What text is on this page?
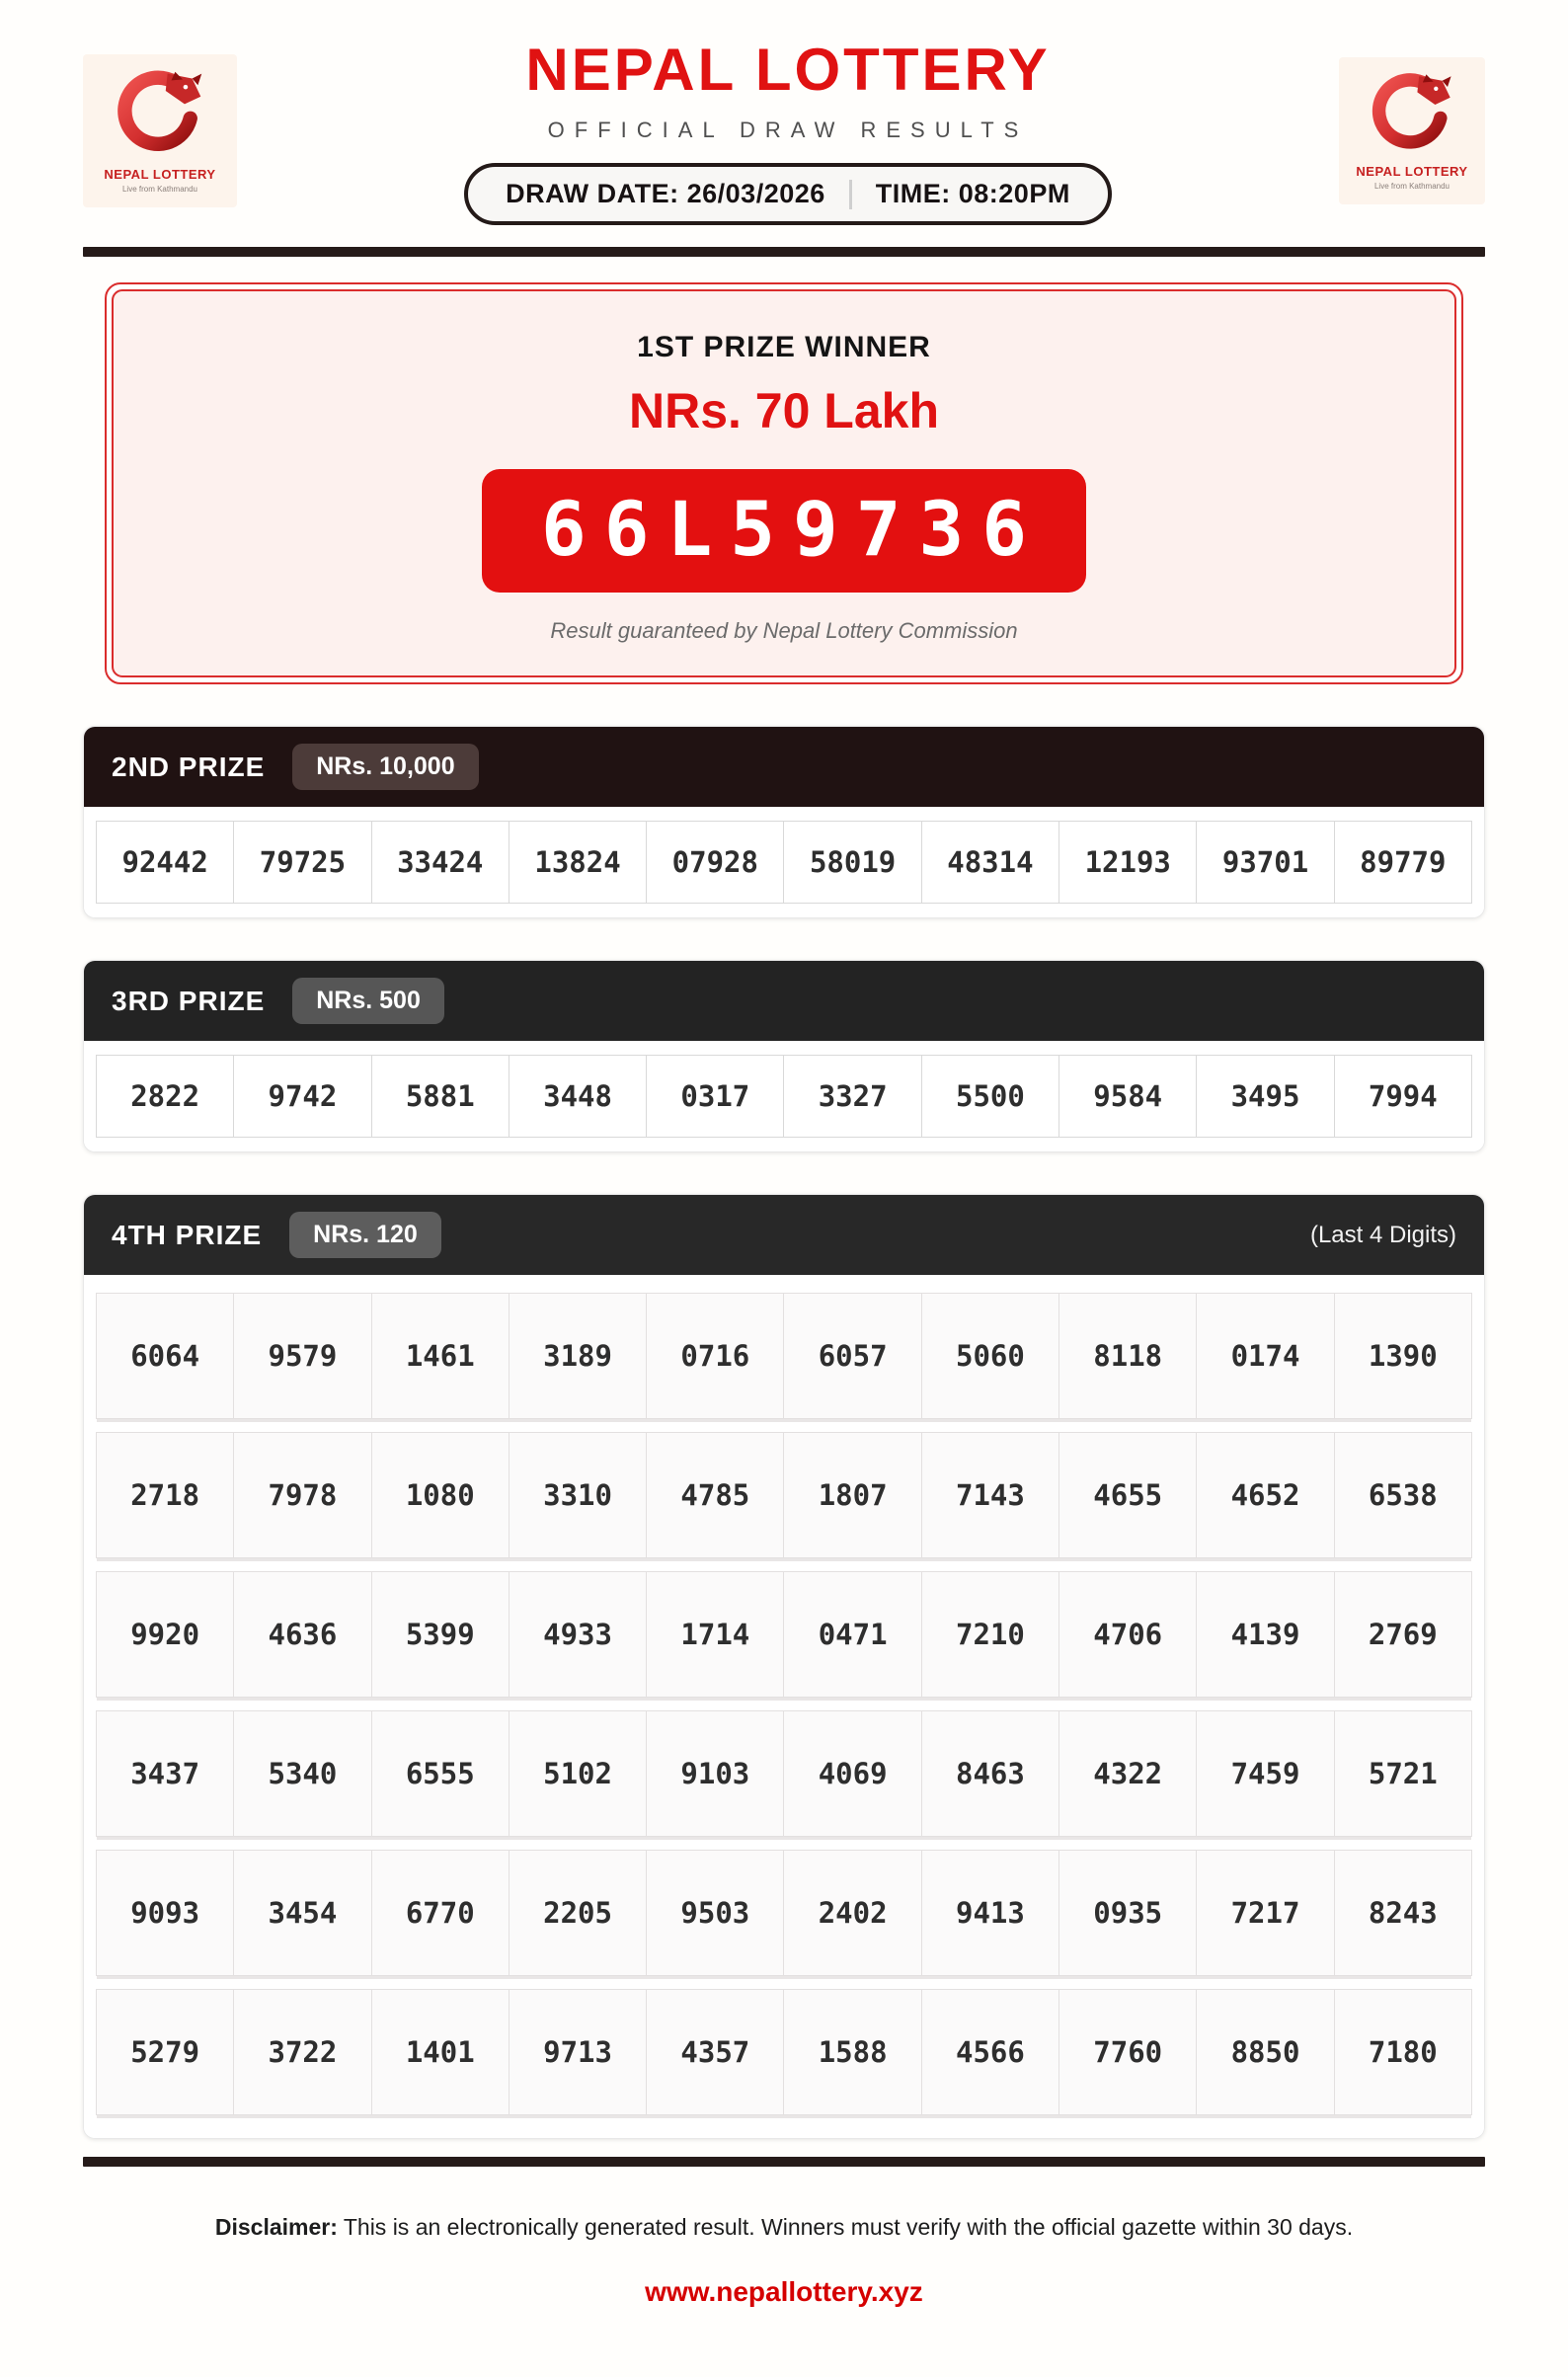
NEPAL LOTTERY
Live from Kathmandu
NEPAL LOTTERY
OFFICIAL DRAW RESULTS
DRAW DATE: 26/03/2026 TIME: 08:20PM
NEPAL LOTTERY
Live from Kathmandu
1ST PRIZE WINNER
NRs. 70 Lakh
66L59736
Result guaranteed by Nepal Lottery Commission
2ND PRIZE	NRs. 10,000
92442	79725	33424	13824	07928	58019	48314	12193	93701	89779
3RD PRIZE	NRs. 500
2822	9742	5881	3448	0317	3327	5500	9584	3495	7994
4TH PRIZE	NRs. 120	(Last 4 Digits)
6064	9579	1461	3189	0716	6057	5060	8118	0174	1390
2718	7978	1080	3310	4785	1807	7143	4655	4652	6538
9920	4636	5399	4933	1714	0471	7210	4706	4139	2769
3437	5340	6555	5102	9103	4069	8463	4322	7459	5721
9093	3454	6770	2205	9503	2402	9413	0935	7217	8243
5279	3722	1401	9713	4357	1588	4566	7760	8850	7180
Disclaimer: This is an electronically generated result. Winners must verify with the official gazette within 30 days.
www.nepallottery.xyz
